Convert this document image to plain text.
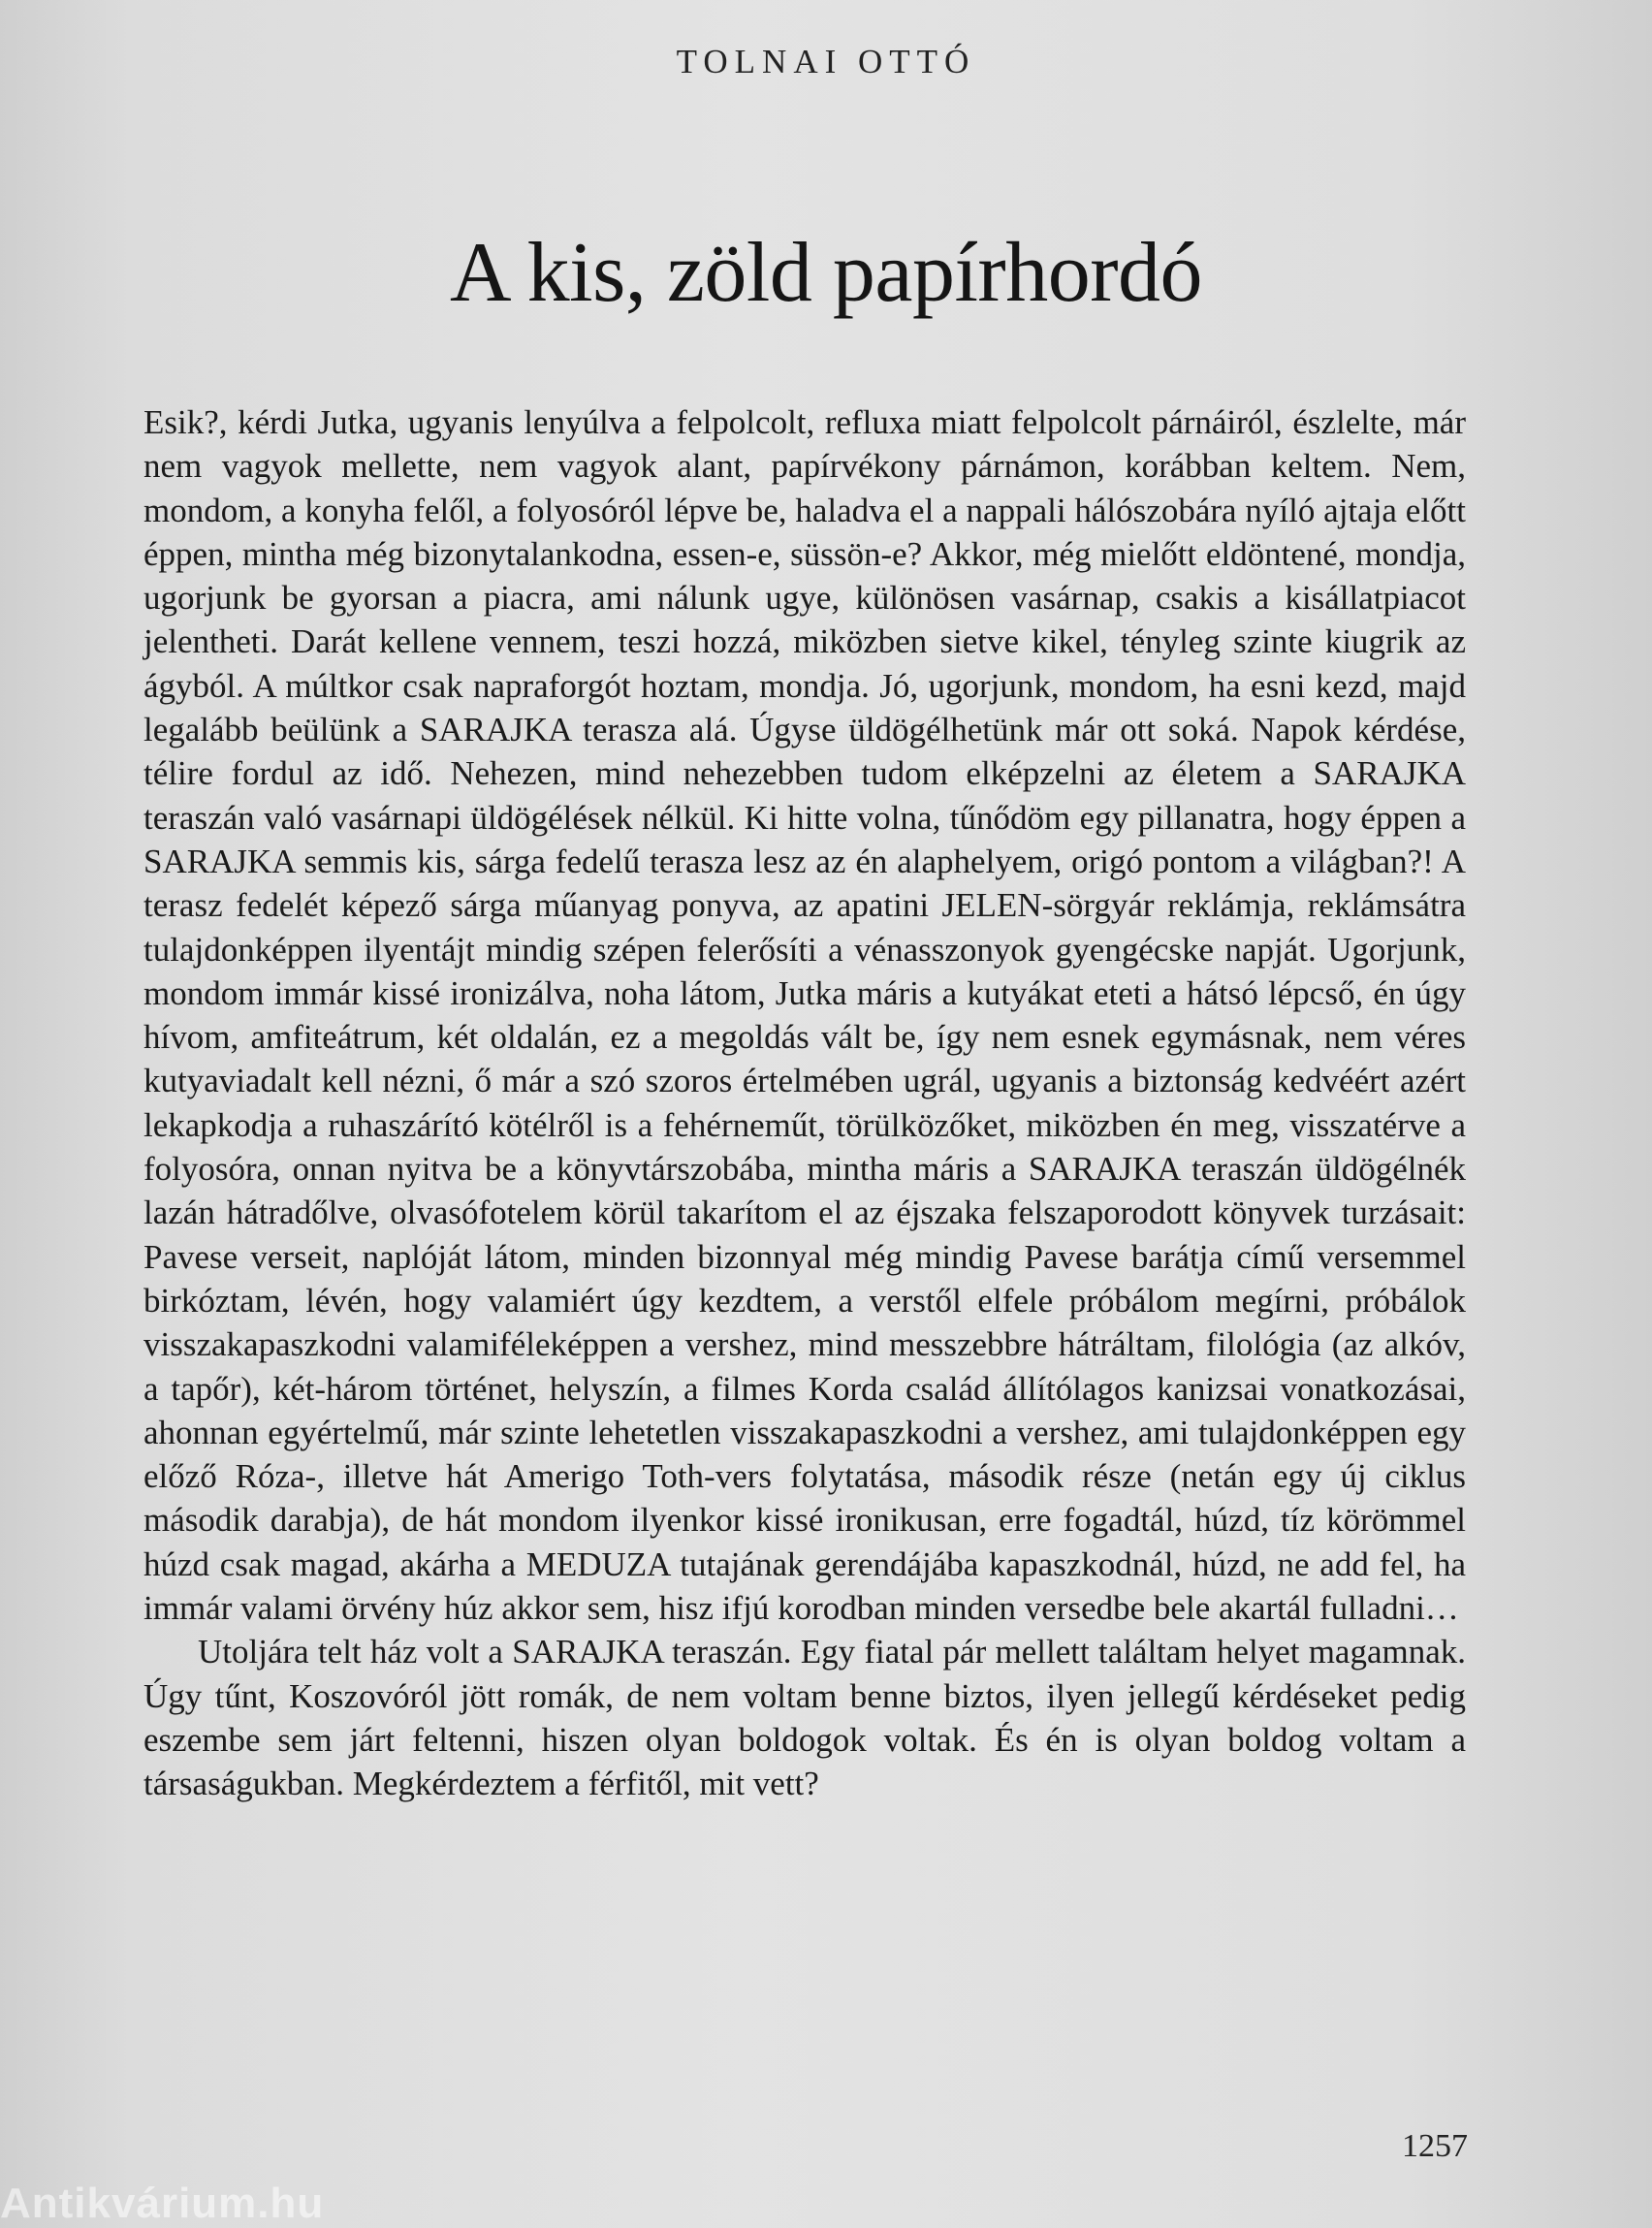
TOLNAI OTTÓ
A kis, zöld papírhordó

Esik?, kérdi Jutka, ugyanis lenyúlva a felpolcolt, refluxa miatt felpolcolt párnáiról, észlelte, már nem vagyok mellette, nem vagyok alant, papírvékony párnámon, korábban keltem. Nem, mondom, a konyha felől, a folyosóról lépve be, haladva el a nappali hálószobára nyíló ajtaja előtt éppen, mintha még bizonytalankodna, essen-e, süssön-e? Akkor, még mielőtt eldöntené, mondja, ugorjunk be gyorsan a piacra, ami nálunk ugye, különösen vasárnap, csakis a kisállatpiacot jelentheti. Darát kellene vennem, teszi hozzá, miközben sietve kikel, tényleg szinte kiugrik az ágyból. A múltkor csak napraforgót hoztam, mondja. Jó, ugorjunk, mondom, ha esni kezd, majd legalább beülünk a SARAJKA terasza alá. Úgyse üldögélhetünk már ott soká. Napok kérdése, télire fordul az idő. Nehezen, mind nehezebben tudom elképzelni az életem a SARAJKA teraszán való vasárnapi üldögélések nélkül. Ki hitte volna, tűnődöm egy pillanatra, hogy éppen a SARAJKA semmis kis, sárga fedelű terasza lesz az én alaphelyem, origó pontom a világban?! A terasz fedelét képező sárga műanyag ponyva, az apatini JELEN-sörgyár reklámja, reklámsátra tulajdonképpen ilyentájt mindig szépen felerősíti a vénasszonyok gyengécske napját. Ugorjunk, mondom immár kissé ironizálva, noha látom, Jutka máris a kutyákat eteti a hátsó lépcső, én úgy hívom, amfiteátrum, két oldalán, ez a megoldás vált be, így nem esnek egymásnak, nem véres kutyaviadalt kell nézni, ő már a szó szoros értelmében ugrál, ugyanis a biztonság kedvéért azért lekapkodja a ruhaszárító kötélről is a fehérneműt, törülközőket, miközben én meg, visszatérve a folyosóra, onnan nyitva be a könyvtárszobába, mintha máris a SARAJKA teraszán üldögélnék lazán hátradőlve, olvasófotelem körül takarítom el az éjszaka felszaporodott könyvek turzásait: Pavese verseit, naplóját látom, minden bizonnyal még mindig Pavese barátja című versemmel birkóztam, lévén, hogy valamiért úgy kezdtem, a verstől elfele próbálom megírni, próbálok visszakapaszkodni valamiféleképpen a vershez, mind messzebbre hátráltam, filológia (az alkóv, a tapőr), két-három történet, helyszín, a filmes Korda család állítólagos kanizsai vonatkozásai, ahonnan egyértelmű, már szinte lehetetlen visszakapaszkodni a vershez, ami tulajdonképpen egy előző Róza-, illetve hát Amerigo Toth-vers folytatása, második része (netán egy új ciklus második darabja), de hát mondom ilyenkor kissé ironikusan, erre fogadtál, húzd, tíz körömmel húzd csak magad, akárha a MEDUZA tutajának gerendájába kapaszkodnál, húzd, ne add fel, ha immár valami örvény húz akkor sem, hisz ifjú korodban minden versedbe bele akartál fulladni…

Utoljára telt ház volt a SARAJKA teraszán. Egy fiatal pár mellett találtam helyet magamnak. Úgy tűnt, Koszovóról jött romák, de nem voltam benne biztos, ilyen jellegű kérdéseket pedig eszembe sem járt feltenni, hiszen olyan boldogok voltak. És én is olyan boldog voltam a társaságukban. Megkérdeztem a férfitől, mit vett?

1257
Antikvárium.hu
